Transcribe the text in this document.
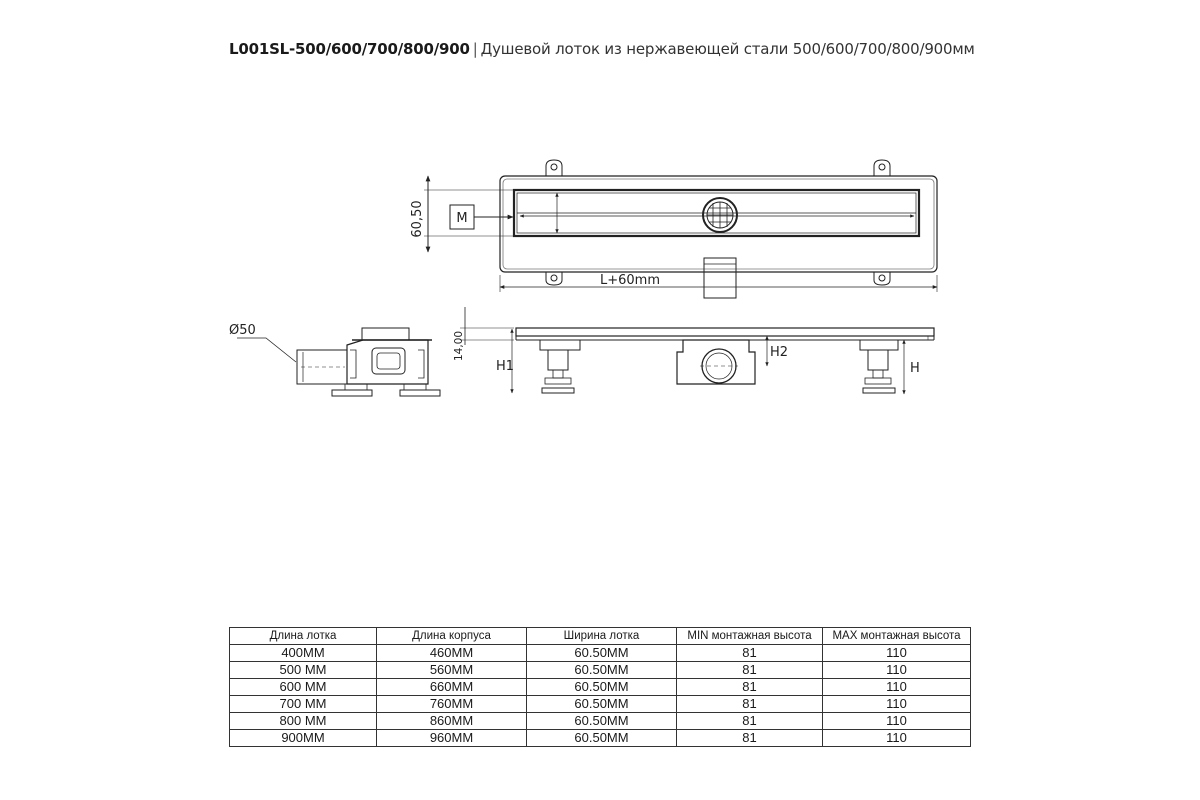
L001SL-500/600/700/800/900 | Душевой лоток из нержавеющей стали 500/600/700/800/900мм
M
60,50
L+60mm
Ø50
14,00
H1
H2
H
Длина лотка	Длина корпуса	Ширина лотка	MIN монтажная высота	MAX монтажная высота
400MM	460MM	60.50MM	81	110
500 MM	560MM	60.50MM	81	110
600 MM	660MM	60.50MM	81	110
700 MM	760MM	60.50MM	81	110
800 MM	860MM	60.50MM	81	110
900MM	960MM	60.50MM	81	110
